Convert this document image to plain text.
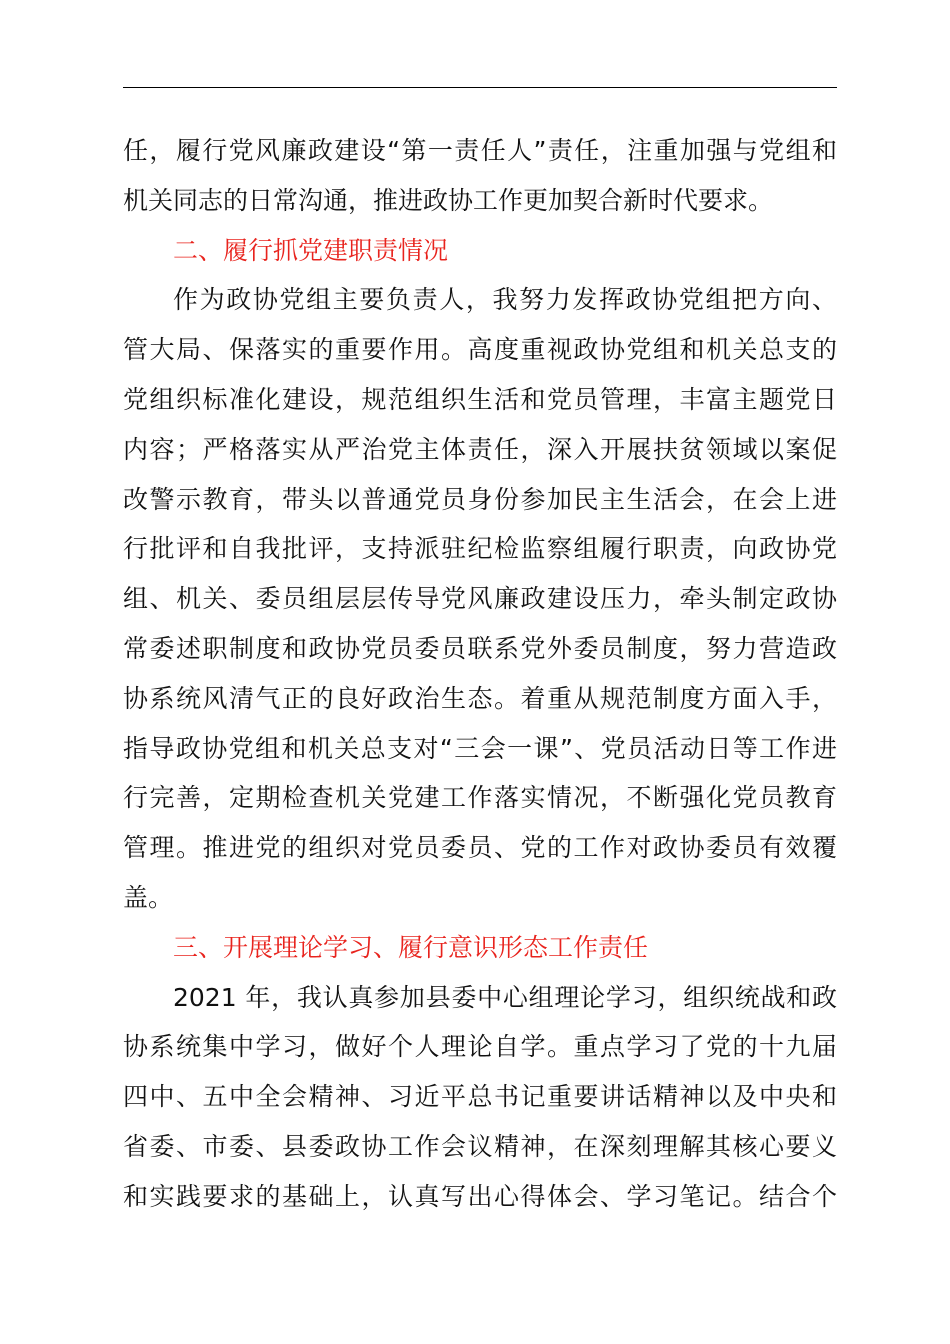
任，履行党风廉政建设“第一责任人”责任，注重加强与党组和
机关同志的日常沟通，推进政协工作更加契合新时代要求。
二、履行抓党建职责情况
作为政协党组主要负责人，我努力发挥政协党组把方向、
管大局、保落实的重要作用。高度重视政协党组和机关总支的
党组织标准化建设，规范组织生活和党员管理，丰富主题党日
内容；严格落实从严治党主体责任，深入开展扶贫领域以案促
改警示教育，带头以普通党员身份参加民主生活会，在会上进
行批评和自我批评，支持派驻纪检监察组履行职责，向政协党
组、机关、委员组层层传导党风廉政建设压力，牵头制定政协
常委述职制度和政协党员委员联系党外委员制度，努力营造政
协系统风清气正的良好政治生态。着重从规范制度方面入手，
指导政协党组和机关总支对“三会一课”、党员活动日等工作进
行完善，定期检查机关党建工作落实情况，不断强化党员教育
管理。推进党的组织对党员委员、党的工作对政协委员有效覆
盖。
三、开展理论学习、履行意识形态工作责任
2021 年，我认真参加县委中心组理论学习，组织统战和政
协系统集中学习，做好个人理论自学。重点学习了党的十九届
四中、五中全会精神、习近平总书记重要讲话精神以及中央和
省委、市委、县委政协工作会议精神，在深刻理解其核心要义
和实践要求的基础上，认真写出心得体会、学习笔记。结合个
